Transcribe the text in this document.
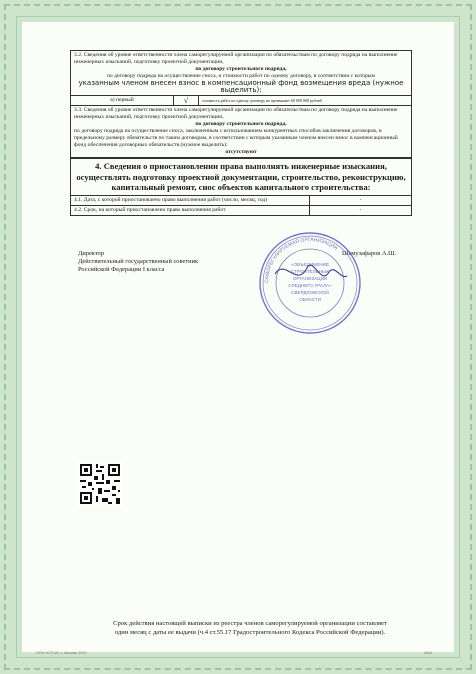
3.2. Сведения об уровне ответственности члена саморегулируемой организации по обязательствам по договору подряда на выполнение инженерных изысканий, подготовку проектной документации,
по договору строительного подряда,
по договору подряда на осуществление сноса, и стоимости работ по одному договору, в соответствии с которым
указанным членом внесен взнос в компенсационный фонд возмещения вреда (нужное выделить):

а) первый	√	стоимость работ по одному договору не превышает 60 000 000 рублей

3.3. Сведения об уровне ответственности члена саморегулируемой организации по обязательствам по договору подряда на выполнение инженерных изысканий, подготовку проектной документации,
по договору строительного подряда,
по договору подряда на осуществление сноса, заключенным с использованием конкурентных способов заключения договоров, и предельному размеру обязательств по таким договорам, в соответствии с которым указанным членом внесен взнос в компенсационный фонд обеспечения договорных обязательств (нужное выделить):
отсутствуют
4. Сведения о приостановлении права выполнять инженерные изыскания, осуществлять подготовку проектной документации, строительство, реконструкцию, капитальный ремонт, снос объектов капитального строительства:	
4.1. Дата, с которой приостановлено право выполнения работ (число, месяц, год)	-
4.2. Срок, на который приостановлено право выполнения работ	-
Директор
Действительный государственный советник
Российской Федерации I класса
Шамузафаров А.Ш.
САМОРЕГУЛИРУЕМАЯ ОРГАНИЗАЦИЯ
«ОБЪЕДИНЕНИЕ
СТРОИТЕЛЬНЫХ
ОРГАНИЗАЦИЙ
СРЕДНЕГО УРАЛА»
СВЕРДЛОВСКОЙ
ОБЛАСТИ
Срок действия настоящей выписки из реестра членов саморегулируемой организации составляет
один месяц с даты ее выдачи (ч.4 ст.55.17 Градостроительного Кодекса Российской Федерации).
ООО «ИТСИ», г. Москва, 2022	4040
